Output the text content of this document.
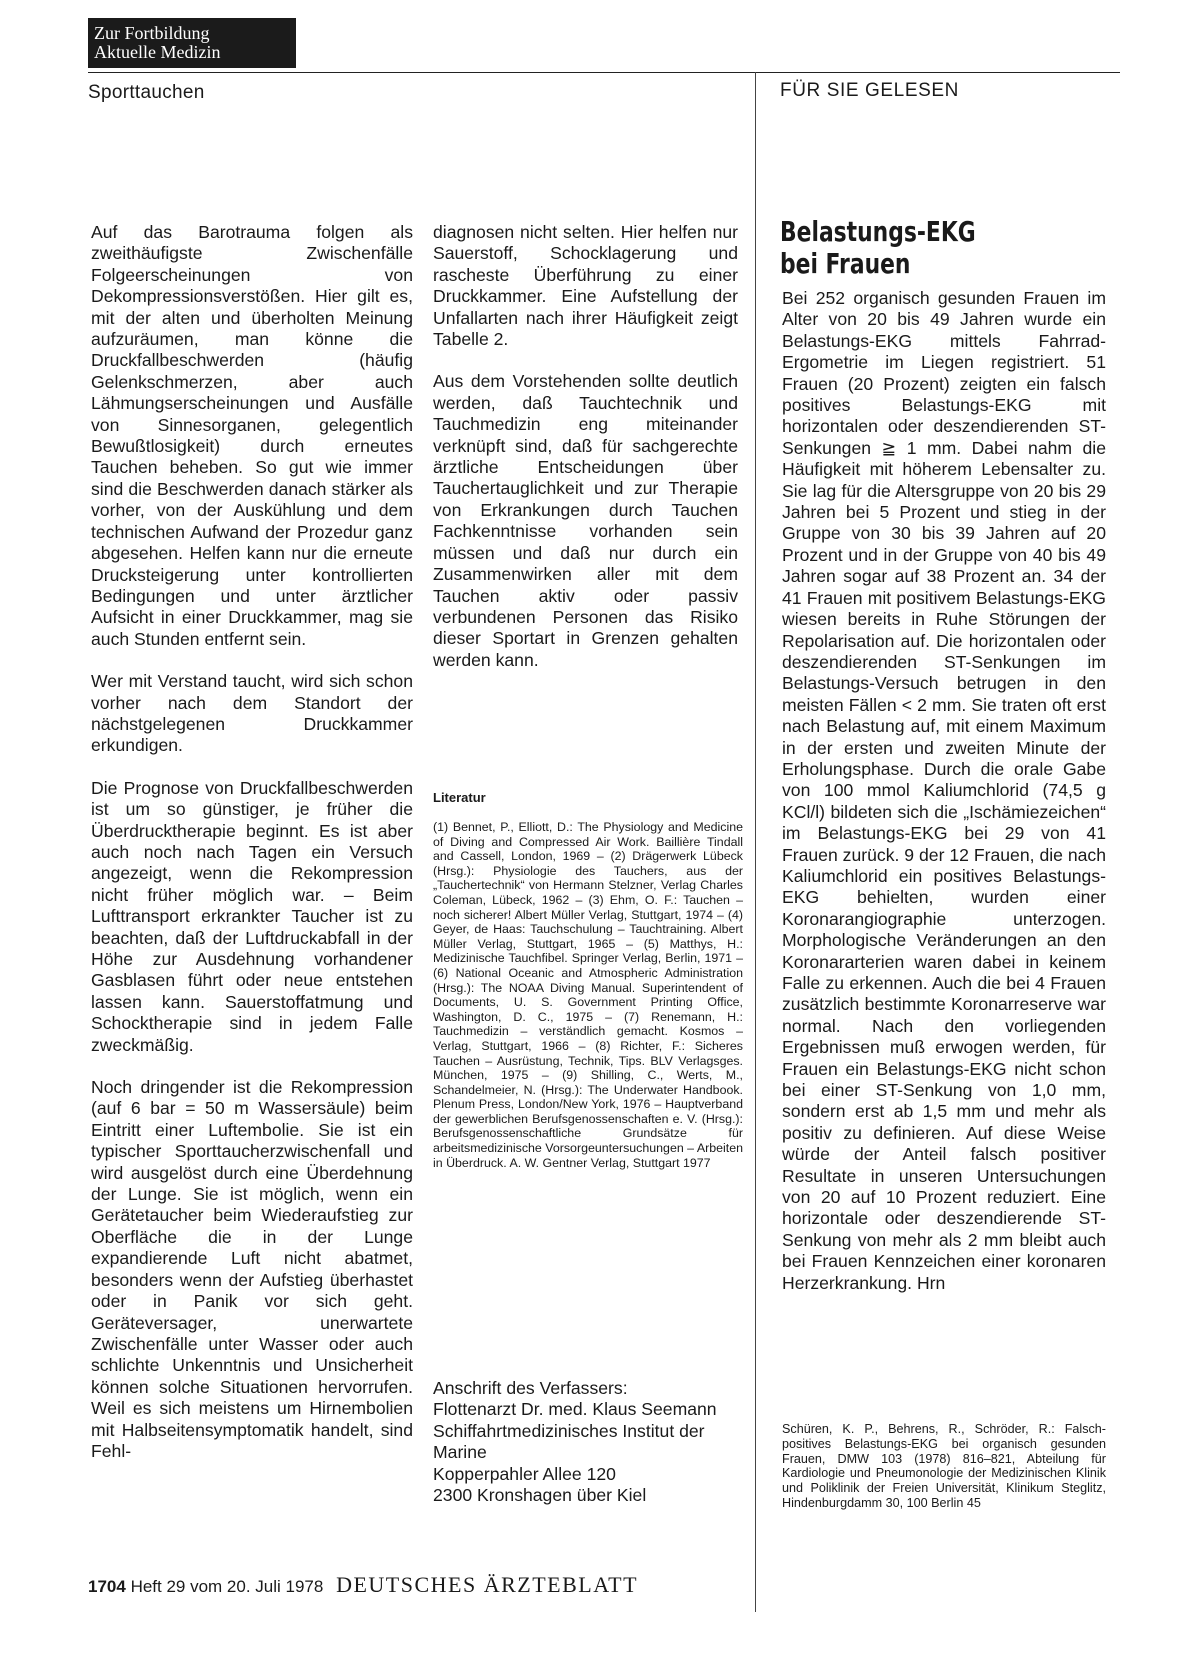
Zur Fortbildung
Aktuelle Medizin
Sporttauchen	FÜR SIE GELESEN

Auf das Barotrauma folgen als zweithäufigste Zwischenfälle Folgeerscheinungen von Dekompressionsverstößen. Hier gilt es, mit der alten und überholten Meinung aufzuräumen, man könne die Druckfallbeschwerden (häufig Gelenkschmerzen, aber auch Lähmungserscheinungen und Ausfälle von Sinnesorganen, gelegentlich Bewußtlosigkeit) durch erneutes Tauchen beheben. So gut wie immer sind die Beschwerden danach stärker als vorher, von der Auskühlung und dem technischen Aufwand der Prozedur ganz abgesehen. Helfen kann nur die erneute Drucksteigerung unter kontrollierten Bedingungen und unter ärztlicher Aufsicht in einer Druckkammer, mag sie auch Stunden entfernt sein.

Wer mit Verstand taucht, wird sich schon vorher nach dem Standort der nächstgelegenen Druckkammer erkundigen.

Die Prognose von Druckfallbeschwerden ist um so günstiger, je früher die Überdrucktherapie beginnt. Es ist aber auch noch nach Tagen ein Versuch angezeigt, wenn die Rekompression nicht früher möglich war. – Beim Lufttransport erkrankter Taucher ist zu beachten, daß der Luftdruckabfall in der Höhe zur Ausdehnung vorhandener Gasblasen führt oder neue entstehen lassen kann. Sauerstoffatmung und Schocktherapie sind in jedem Falle zweckmäßig.

Noch dringender ist die Rekompression (auf 6 bar = 50 m Wassersäule) beim Eintritt einer Luftembolie. Sie ist ein typischer Sporttaucherzwischenfall und wird ausgelöst durch eine Überdehnung der Lunge. Sie ist möglich, wenn ein Gerätetaucher beim Wiederaufstieg zur Oberfläche die in der Lunge expandierende Luft nicht abatmet, besonders wenn der Aufstieg überhastet oder in Panik vor sich geht. Geräteversager, unerwartete Zwischenfälle unter Wasser oder auch schlichte Unkenntnis und Unsicherheit können solche Situationen hervorrufen. Weil es sich meistens um Hirnembolien mit Halbseitensymptomatik handelt, sind Fehl-

diagnosen nicht selten. Hier helfen nur Sauerstoff, Schocklagerung und rascheste Überführung zu einer Druckkammer. Eine Aufstellung der Unfallarten nach ihrer Häufigkeit zeigt Tabelle 2.

Aus dem Vorstehenden sollte deutlich werden, daß Tauchtechnik und Tauchmedizin eng miteinander verknüpft sind, daß für sachgerechte ärztliche Entscheidungen über Tauchertauglichkeit und zur Therapie von Erkrankungen durch Tauchen Fachkenntnisse vorhanden sein müssen und daß nur durch ein Zusammenwirken aller mit dem Tauchen aktiv oder passiv verbundenen Personen das Risiko dieser Sportart in Grenzen gehalten werden kann.

Literatur
(1) Bennet, P., Elliott, D.: The Physiology and Medicine of Diving and Compressed Air Work. Baillière Tindall and Cassell, London, 1969 – (2) Drägerwerk Lübeck (Hrsg.): Physiologie des Tauchers, aus der „Tauchertechnik“ von Hermann Stelzner, Verlag Charles Coleman, Lübeck, 1962 – (3) Ehm, O. F.: Tauchen – noch sicherer! Albert Müller Verlag, Stuttgart, 1974 – (4) Geyer, de Haas: Tauchschulung – Tauchtraining. Albert Müller Verlag, Stuttgart, 1965 – (5) Matthys, H.: Medizinische Tauchfibel. Springer Verlag, Berlin, 1971 – (6) National Oceanic and Atmospheric Administration (Hrsg.): The NOAA Diving Manual. Superintendent of Documents, U. S. Government Printing Office, Washington, D. C., 1975 – (7) Renemann, H.: Tauchmedizin – verständlich gemacht. Kosmos – Verlag, Stuttgart, 1966 – (8) Richter, F.: Sicheres Tauchen – Ausrüstung, Technik, Tips. BLV Verlagsges. München, 1975 – (9) Shilling, C., Werts, M., Schandelmeier, N. (Hrsg.): The Underwater Handbook. Plenum Press, London/New York, 1976 – Hauptverband der gewerblichen Berufsgenossenschaften e. V. (Hrsg.): Berufsgenossenschaftliche Grundsätze für arbeitsmedizinische Vorsorgeuntersuchungen – Arbeiten in Überdruck. A. W. Gentner Verlag, Stuttgart 1977
Anschrift des Verfassers:
Flottenarzt Dr. med. Klaus Seemann
Schiffahrtmedizinisches Institut der
Marine
Kopperpahler Allee 120
2300 Kronshagen über Kiel
Belastungs-EKG
bei Frauen

Bei 252 organisch gesunden Frauen im Alter von 20 bis 49 Jahren wurde ein Belastungs-EKG mittels Fahrrad-Ergometrie im Liegen registriert. 51 Frauen (20 Prozent) zeigten ein falsch positives Belastungs-EKG mit horizontalen oder deszendierenden ST-Senkungen ≧ 1 mm. Dabei nahm die Häufigkeit mit höherem Lebensalter zu. Sie lag für die Altersgruppe von 20 bis 29 Jahren bei 5 Prozent und stieg in der Gruppe von 30 bis 39 Jahren auf 20 Prozent und in der Gruppe von 40 bis 49 Jahren sogar auf 38 Prozent an. 34 der 41 Frauen mit positivem Belastungs-EKG wiesen bereits in Ruhe Störungen der Repolarisation auf. Die horizontalen oder deszendierenden ST-Senkungen im Belastungs-Versuch betrugen in den meisten Fällen < 2 mm. Sie traten oft erst nach Belastung auf, mit einem Maximum in der ersten und zweiten Minute der Erholungsphase. Durch die orale Gabe von 100 mmol Kaliumchlorid (74,5 g KCl/l) bildeten sich die „Ischämiezeichen“ im Belastungs-EKG bei 29 von 41 Frauen zurück. 9 der 12 Frauen, die nach Kaliumchlorid ein positives Belastungs-EKG behielten, wurden einer Koronarangiographie unterzogen. Morphologische Veränderungen an den Koronararterien waren dabei in keinem Falle zu erkennen. Auch die bei 4 Frauen zusätzlich bestimmte Koronarreserve war normal. Nach den vorliegenden Ergebnissen muß erwogen werden, für Frauen ein Belastungs-EKG nicht schon bei einer ST-Senkung von 1,0 mm, sondern erst ab 1,5 mm und mehr als positiv zu definieren. Auf diese Weise würde der Anteil falsch positiver Resultate in unseren Untersuchungen von 20 auf 10 Prozent reduziert. Eine horizontale oder deszendierende ST-Senkung von mehr als 2 mm bleibt auch bei Frauen Kennzeichen einer koronaren Herzerkrankung. Hrn

Schüren, K. P., Behrens, R., Schröder, R.: Falsch-positives Belastungs-EKG bei organisch gesunden Frauen, DMW 103 (1978) 816–821, Abteilung für Kardiologie und Pneumonologie der Medizinischen Klinik und Poliklinik der Freien Universität, Klinikum Steglitz, Hindenburgdamm 30, 100 Berlin 45
1704 Heft 29 vom 20. Juli 1978 DEUTSCHES ÄRZTEBLATT
